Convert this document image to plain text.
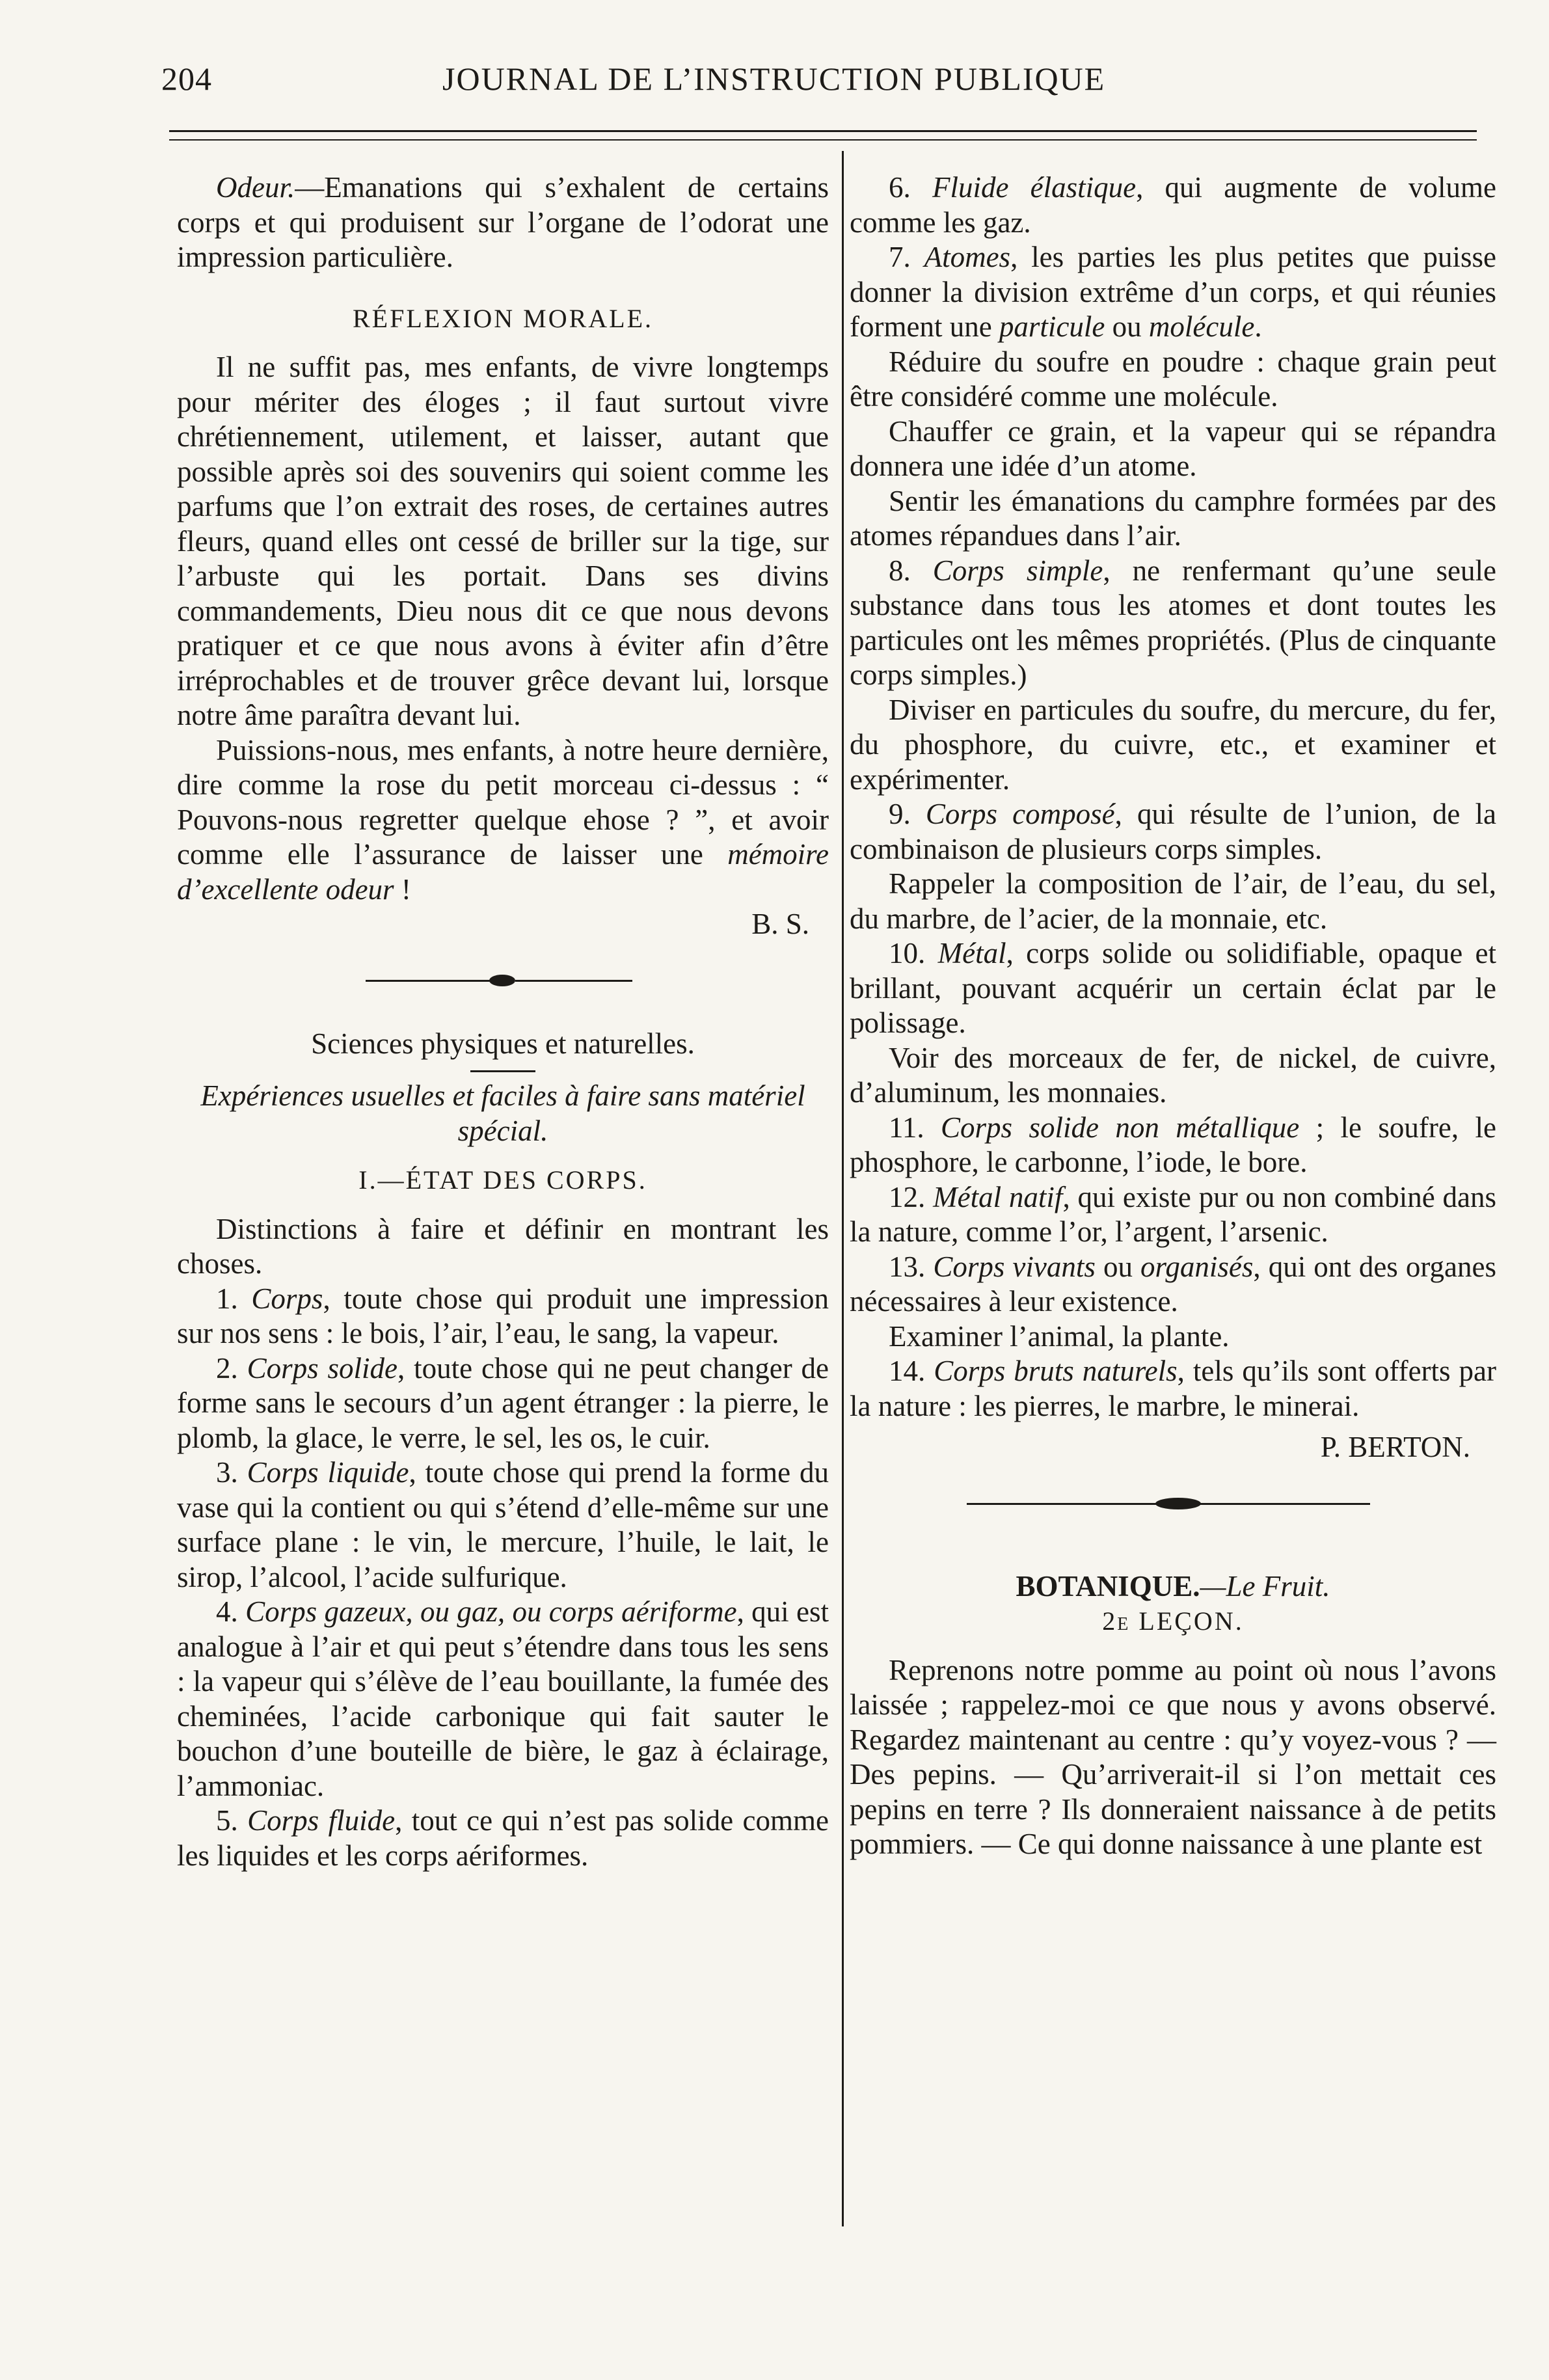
204	JOURNAL DE L’INSTRUCTION PUBLIQUE

Odeur.—Emanations qui s’exhalent de certains corps et qui produisent sur l’organe de l’odorat une impression particulière.

RÉFLEXION MORALE.

Il ne suffit pas, mes enfants, de vivre longtemps pour mériter des éloges ; il faut surtout vivre chrétiennement, utilement, et laisser, autant que possible après soi des souvenirs qui soient comme les parfums que l’on extrait des roses, de certaines autres fleurs, quand elles ont cessé de briller sur la tige, sur l’arbuste qui les portait. Dans ses divins commandements, Dieu nous dit ce que nous devons pratiquer et ce que nous avons à éviter afin d’être irréprochables et de trouver grêce devant lui, lorsque notre âme paraîtra devant lui.

Puissions-nous, mes enfants, à notre heure dernière, dire comme la rose du petit morceau ci-dessus : “ Pouvons-nous regretter quelque ehose ? ”, et avoir comme elle l’assurance de laisser une mémoire d’excellente odeur !

B. S.

Sciences physiques et naturelles.

Expériences usuelles et faciles à faire sans matériel spécial.

I.—ÉTAT DES CORPS.

Distinctions à faire et définir en montrant les choses.

1. Corps, toute chose qui produit une impression sur nos sens : le bois, l’air, l’eau, le sang, la vapeur.

2. Corps solide, toute chose qui ne peut changer de forme sans le secours d’un agent étranger : la pierre, le plomb, la glace, le verre, le sel, les os, le cuir.

3. Corps liquide, toute chose qui prend la forme du vase qui la contient ou qui s’étend d’elle-même sur une surface plane : le vin, le mercure, l’huile, le lait, le sirop, l’alcool, l’acide sulfurique.

4. Corps gazeux, ou gaz, ou corps aériforme, qui est analogue à l’air et qui peut s’étendre dans tous les sens : la vapeur qui s’élève de l’eau bouillante, la fumée des cheminées, l’acide carbonique qui fait sauter le bouchon d’une bouteille de bière, le gaz à éclairage, l’ammoniac.

5. Corps fluide, tout ce qui n’est pas solide comme les liquides et les corps aériformes.

6. Fluide élastique, qui augmente de volume comme les gaz.

7. Atomes, les parties les plus petites que puisse donner la division extrême d’un corps, et qui réunies forment une particule ou molécule.

Réduire du soufre en poudre : chaque grain peut être considéré comme une molécule.

Chauffer ce grain, et la vapeur qui se répandra donnera une idée d’un atome.

Sentir les émanations du camphre formées par des atomes répandues dans l’air.

8. Corps simple, ne renfermant qu’une seule substance dans tous les atomes et dont toutes les particules ont les mêmes propriétés. (Plus de cinquante corps simples.)

Diviser en particules du soufre, du mercure, du fer, du phosphore, du cuivre, etc., et examiner et expérimenter.

9. Corps composé, qui résulte de l’union, de la combinaison de plusieurs corps simples.

Rappeler la composition de l’air, de l’eau, du sel, du marbre, de l’acier, de la monnaie, etc.

10. Métal, corps solide ou solidifiable, opaque et brillant, pouvant acquérir un certain éclat par le polissage.

Voir des morceaux de fer, de nickel, de cuivre, d’aluminum, les monnaies.

11. Corps solide non métallique ; le soufre, le phosphore, le carbonne, l’iode, le bore.

12. Métal natif, qui existe pur ou non combiné dans la nature, comme l’or, l’argent, l’arsenic.

13. Corps vivants ou organisés, qui ont des organes nécessaires à leur existence.

Examiner l’animal, la plante.

14. Corps bruts naturels, tels qu’ils sont offerts par la nature : les pierres, le marbre, le minerai.

P. BERTON.

BOTANIQUE.—Le Fruit.

2e LEÇON.

Reprenons notre pomme au point où nous l’avons laissée ; rappelez-moi ce que nous y avons observé. Regardez maintenant au centre : qu’y voyez-vous ? —Des pepins. — Qu’arriverait-il si l’on mettait ces pepins en terre ? Ils donneraient naissance à de petits pommiers. — Ce qui donne naissance à une plante est
